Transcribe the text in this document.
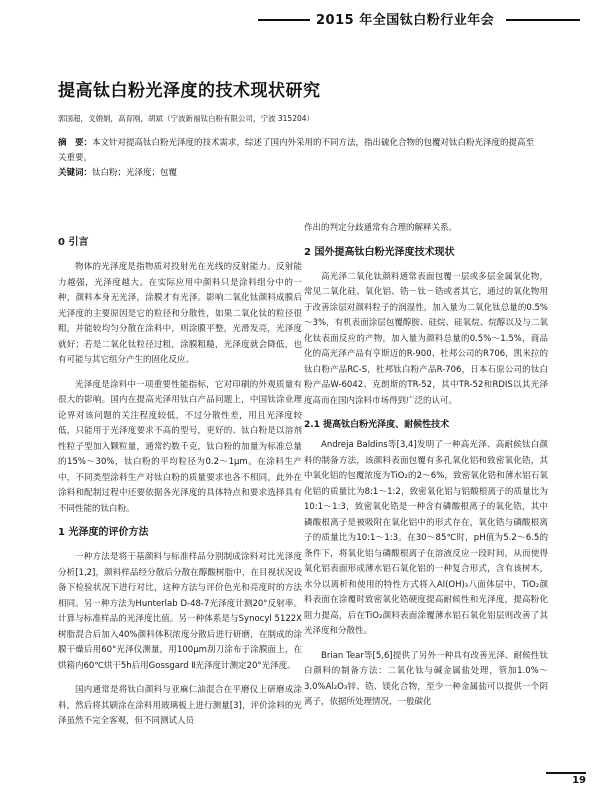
2015 年全国钛白粉行业年会
提高钛白粉光泽度的技术现状研究
郭国超，戈娟娟，高育刚，胡斌（宁波新福钛白粉有限公司，宁波 315204）
摘　要：本文针对提高钛白粉光泽度的技术需求，综述了国内外采用的不同方法，指出硫化合物的包覆对钛白粉光泽度的提高至关重要。
关键词：钛白粉；光泽度；包覆
0 引言

物体的光泽度是指物质对投射光在光线的反射能力。反射能力越强，光泽度越大。在实际应用中颜料只是涂料组分中的一种，颜料本身无光泽，涂膜才有光泽。影响二氧化钛颜料成膜后光泽度的主要原因是它的粒径和分散性，如果二氧化钛的粒径很粗，并能较均匀分散在涂料中，则涂膜平整，光滑发亮，光泽度就好；若是二氧化钛粒径过粗，涂膜粗糙，光泽度就会降低，也有可能与其它组分产生的固化反应。

光泽度是涂料中一项重要性能指标，它对印刷的外观质量有很大的影响。国内在提高光泽用钛白产品问题上，中国钛涂业理论界对该问题的关注程度较低，不过分散性差，用且光泽度较低，只能用于光泽度要求不高的型号，更好的、钛白粉是以溶剂性粒子型加入颗粒量，通常约数千克，钛白粉的加量为标准总量的15%～30%，钛白粉的平均粒径为0.2～1μm。在涂料生产中，不同类型涂料生产对钛白粉的质量要求也各不相同。此外在涂料和配制过程中还要依据各光泽度的具体特点和要求选择具有不同性能的钛白粉。

1 光泽度的评价方法

一种方法是将干基颜料与标准样品分别制成涂料对比光泽度分析[1,2]，颜料样品经分散后分散在醇酸树脂中，在目视状况设备下检验状况下进行对比，这种方法与评价色光和亮度时的方法相同。另一种方法为Hunterlab D-48-7光泽度计测20°反射率。计算与标准样品的光泽度比值。另一种体系是与Synocyl 5122X树脂混合后加入40%颜料体积浓度分散后进行研磨，在制成的涂膜干燥后用60°光泽仪测量，用100μm刮刀涂布于涂膜面上，在烘箱内60℃烘干5h后用Gossgard Ⅱ光泽度计测定20°光泽度。

国内通常是将钛白颜料与亚麻仁油混合在平磨仪上研磨成涂料，然后将其刷涂在涂料用玻璃板上进行测量[3]，评价涂料的光泽虽然不完全客观，但不同测试人员

作出的判定分歧通常有合理的解释关系。

2 国外提高钛白粉光泽度技术现状

高光泽二氧化钛颜料通常表面包覆一层或多层金属氧化物，常见二氧化硅、氧化铝、锆－钛－锆或者其它，通过的氧化物用于改善涂层对颜料粒子的润湿性，加入量为二氧化钛总量的0.5%～3%，有机表面涂层包覆醇胺、硅烷、硅氧烷、烷醇以及与二氧化钛表面反应的产物，加入量为颜料总量的0.5%～1.5%，商品化的高光泽产品有亨斯迈的R-900、杜邦公司的R706，凯米拉的钛白粉产品RC-S，杜邦钛白粉产品R-706，日本石原公司的钛白粉产品W-6042、克朗斯的TR-52，其中TR-52和RDIS以其光泽度高而在国内涂料市场得到广泛的认可。

2.1 提高钛白粉光泽度、耐候性技术

Andreja Baldins等[3,4]发明了一种高光泽、高耐候钛白颜料的制备方法，该颜料表面包覆有多孔氧化铝和致密氧化锆，其中氧化铝的包覆浓度为TiO₂的2～6%，致密氧化锆和薄水铝石氧化铝的质量比为8:1～1:2，致密氧化铝与铝酸根离子的质量比为10:1～1:3，致密氧化锆是一种含有磷酸根离子的氧化锆，其中磷酸根离子是被吸附在氧化铝中的形式存在，氧化锆与磷酸根离子的质量比为10:1～1:3。在30～85℃时，pH值为5.2～6.5的条件下，将氧化铝与磷酸根离子在溶液反应一段时间，从而使得氧化铝表面形成薄水铝石氧化铝的一种复合形式，含有该树木，水分以离析和使用的特性方式将入Al(OH)₃八面体层中，TiO₂颜料表面在涂覆时致密氧化锆硬度提高耐候性和光泽度，提高粉化阻力提高，后在TiO₂颜料表面涂覆薄水铝石氧化铝层则改善了其光泽度和分散性。

Brian Tear等[5,6]提供了另外一种具有改善光泽、耐候性钛白颜料的制备方法：二氧化钛与碱金属盐处理，管加1.0%～3.0%Al₂O₃锌、锆、镁化合物，至少一种金属盐可以提供一个阴离子，依据所处理情况，一般碳化

19
